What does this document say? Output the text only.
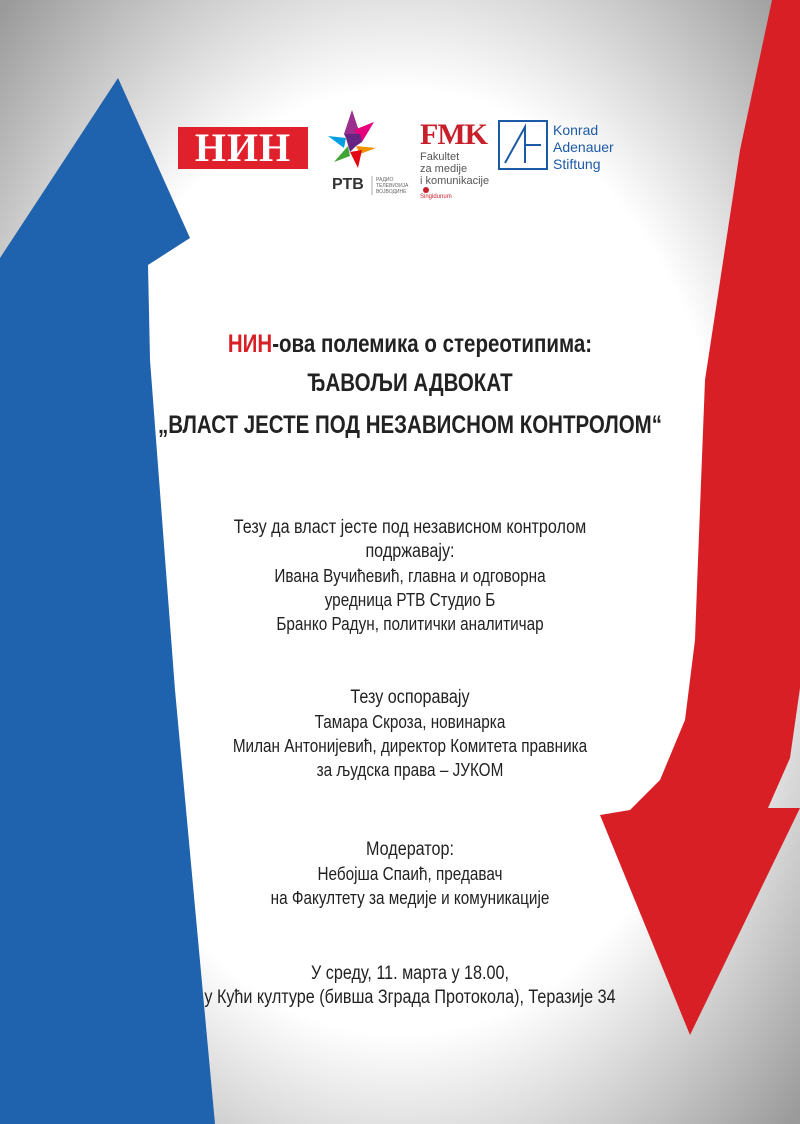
НИН
РТВ РАДИО ТЕЛЕВИЗИЈА ВОЈВОДИНЕ
FMK
Fakultet
za medije
i komunikacije
Singidunum
Konrad
Adenauer
Stiftung
НИН-ова полемика о стереотипима:
ЂАВОЉИ АДВОКАТ
„ВЛАСТ ЈЕСТЕ ПОД НЕЗАВИСНОМ КОНТРОЛОМ“
Тезу да власт јесте под независном контролом
подржавају:
Ивана Вучићевић, главна и одговорна
уредница РТВ Студио Б
Бранко Радун, политички аналитичар
Тезу оспоравају
Тамара Скроза, новинарка
Милан Антонијевић, директор Комитета правника
за људска права – ЈУКОМ
Модератор:
Небојша Спаић, предавач
на Факултету за медије и комуникације
У среду, 11. марта у 18.00,
у Кући културе (бивша Зграда Протокола), Теразије 34
